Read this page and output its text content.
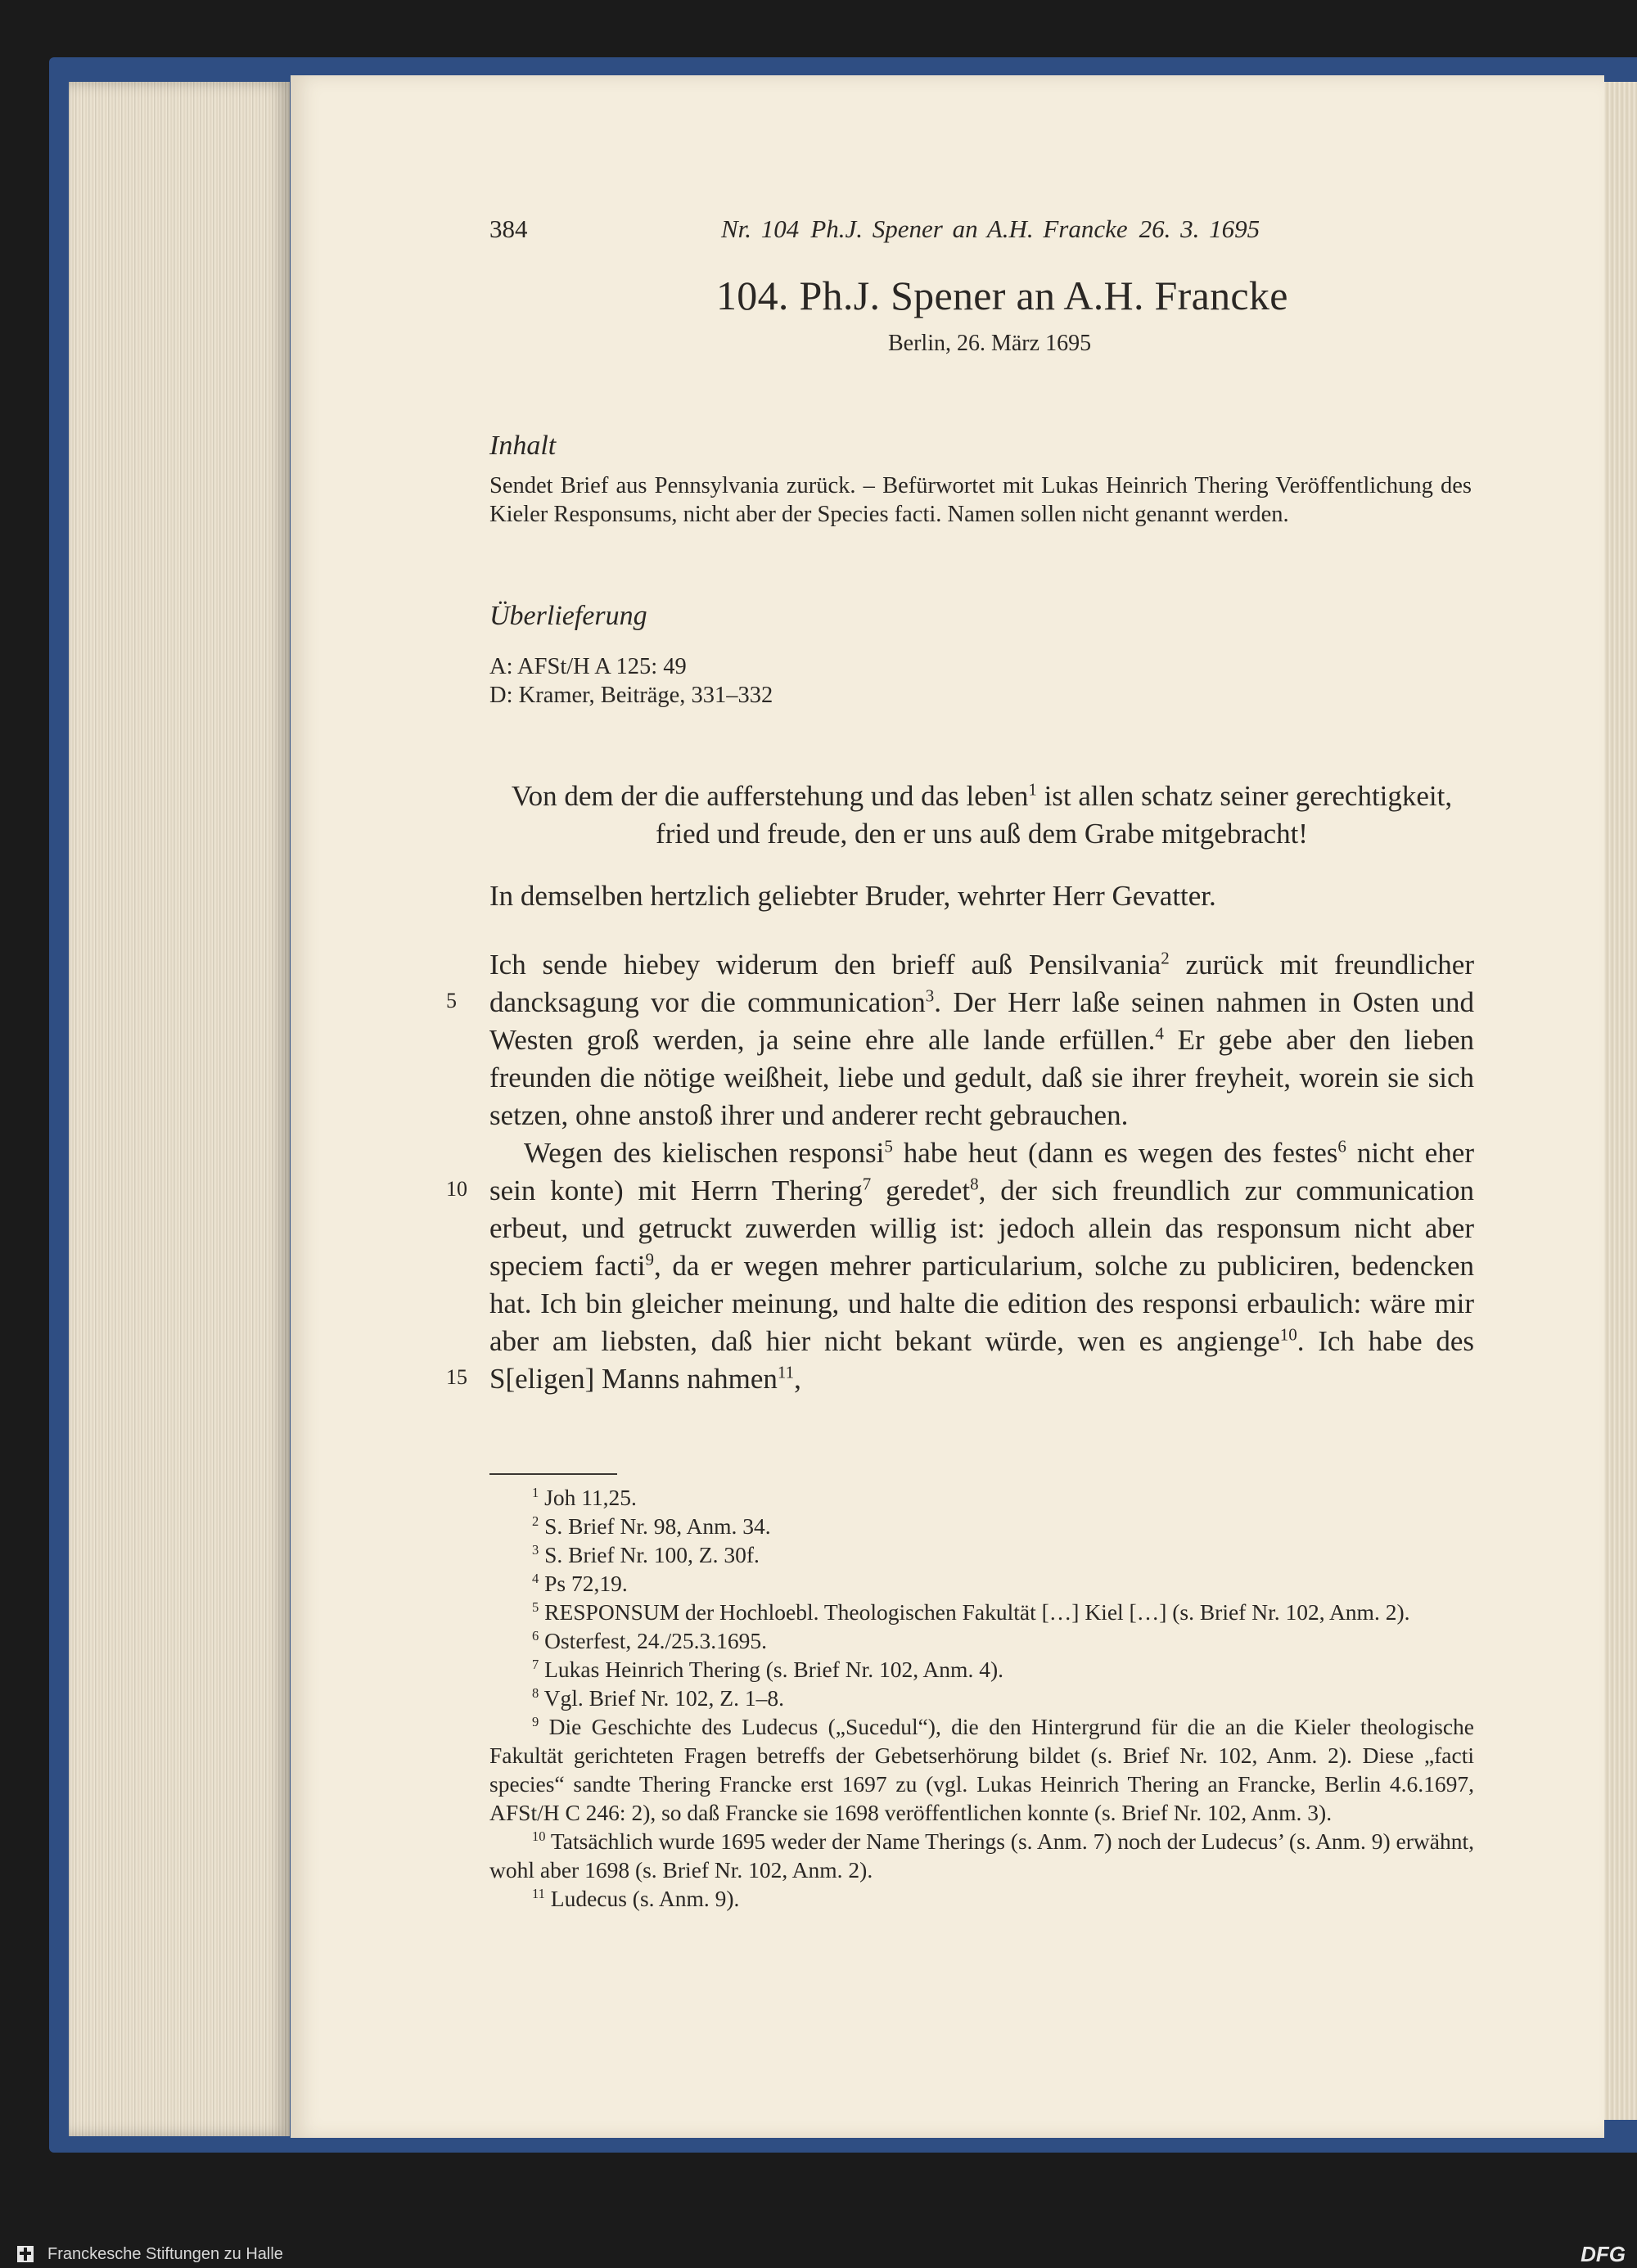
384	Nr. 104 Ph.J. Spener an A.H. Francke 26. 3. 1695
104. Ph.J. Spener an A.H. Francke
Berlin, 26. März 1695
Inhalt

Sendet Brief aus Pennsylvania zurück. – Befürwortet mit Lukas Heinrich Thering Veröffentlichung des Kieler Responsums, nicht aber der Species facti. Namen sollen nicht genannt werden.

Überlieferung

A: AFSt/H A 125: 49

D: Kramer, Beiträge, 331–332

Von dem der die aufferstehung und das leben$^1$ ist allen schatz seiner gerechtigkeit, fried und freude, den er uns auß dem Grabe mitgebracht!

In demselben hertzlich geliebter Bruder, wehrter Herr Gevatter.

Ich sende hiebey widerum den brieff auß Pensilvania$^2$ zurück mit freundlicher dancksagung vor die communication$^3$. Der Herr laße seinen nahmen in Osten und Westen groß werden, ja seine ehre alle lande erfüllen.$^4$ Er gebe aber den lieben freunden die nötige weißheit, liebe und gedult, daß sie ihrer freyheit, worein sie sich setzen, ohne anstoß ihrer und anderer recht gebrauchen.

Wegen des kielischen responsi$^5$ habe heut (dann es wegen des festes$^6$ nicht eher sein konte) mit Herrn Thering$^7$ geredet$^8$, der sich freundlich zur communication erbeut, und getruckt zuwerden willig ist: jedoch allein das responsum nicht aber speciem facti$^9$, da er wegen mehrer particularium, solche zu publiciren, bedencken hat. Ich bin gleicher meinung, und halte die edition des responsi erbaulich: wäre mir aber am liebsten, daß hier nicht bekant würde, wen es angienge$^{10}$. Ich habe des S[eligen] Manns nahmen$^{11}$,

5
10
15

$^1$ Joh 11,25.

$^2$ S. Brief Nr. 98, Anm. 34.

$^3$ S. Brief Nr. 100, Z. 30f.

$^4$ Ps 72,19.

$^5$ RESPONSUM der Hochloebl. Theologischen Fakultät […] Kiel […] (s. Brief Nr. 102, Anm. 2).

$^6$ Osterfest, 24./25.3.1695.

$^7$ Lukas Heinrich Thering (s. Brief Nr. 102, Anm. 4).

$^8$ Vgl. Brief Nr. 102, Z. 1–8.

$^9$ Die Geschichte des Ludecus („Sucedul“), die den Hintergrund für die an die Kieler theologische Fakultät gerichteten Fragen betreffs der Gebetserhörung bildet (s. Brief Nr. 102, Anm. 2). Diese „facti species“ sandte Thering Francke erst 1697 zu (vgl. Lukas Heinrich Thering an Francke, Berlin 4.6.1697, AFSt/H C 246: 2), so daß Francke sie 1698 veröffentlichen konnte (s. Brief Nr. 102, Anm. 3).

$^{10}$ Tatsächlich wurde 1695 weder der Name Therings (s. Anm. 7) noch der Ludecus’ (s. Anm. 9) erwähnt, wohl aber 1698 (s. Brief Nr. 102, Anm. 2).

$^{11}$ Ludecus (s. Anm. 9).

Franckesche Stiftungen zu Halle	DFG
